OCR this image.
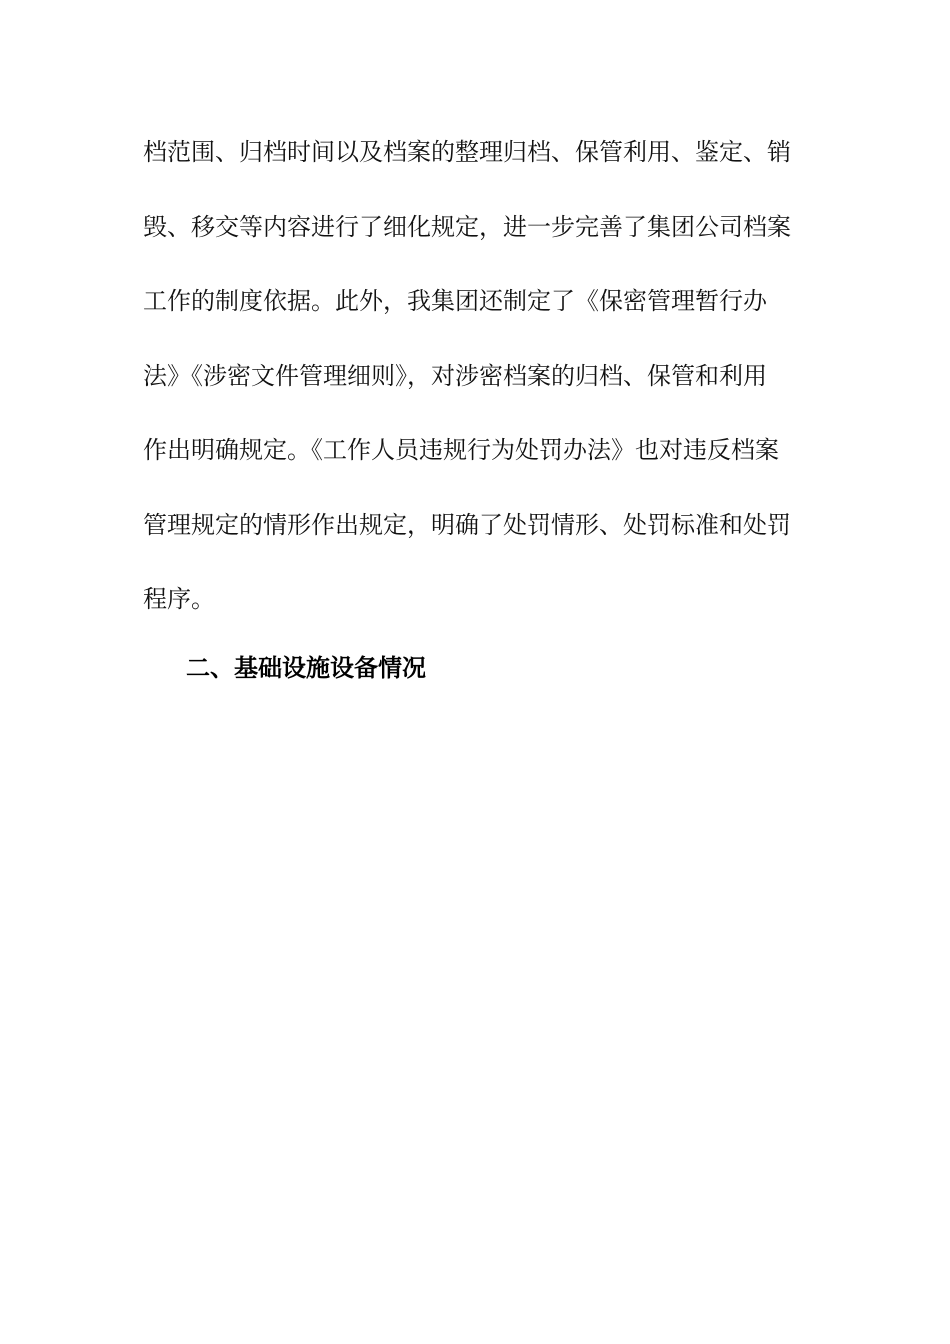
档范围、归档时间以及档案的整理归档、保管利用、鉴定、销
毁、移交等内容进行了细化规定，进一步完善了集团公司档案
工作的制度依据。此外，我集团还制定了《保密管理暂行办
法》《涉密文件管理细则》，对涉密档案的归档、保管和利用
作出明确规定。《工作人员违规行为处罚办法》也对违反档案
管理规定的情形作出规定，明确了处罚情形、处罚标准和处罚
程序。
二、基础设施设备情况
